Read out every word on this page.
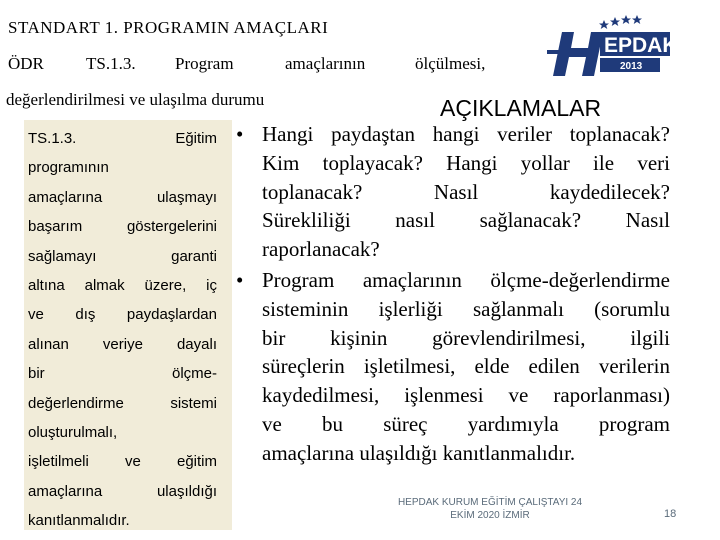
STANDART 1. PROGRAMIN AMAÇLARI
ÖDR TS.1.3. Program	amaçlarının	ölçülmesi,
değerlendirilmesi ve ulaşılma durumu
EPDAK
2013
AÇIKLAMALAR
TS.1.3. Eğitim
programının
amaçlarına ulaşmayı
başarım göstergelerini
sağlamayı garanti
altına almak üzere, iç
ve dış paydaşlardan
alınan veriye dayalı
bir ölçme-
değerlendirme sistemi
oluşturulmalı,
işletilmeli ve eğitim
amaçlarına ulaşıldığı
kanıtlanmalıdır.
• Hangi paydaştan hangi veriler toplanacak?
Kim toplayacak? Hangi yollar ile veri
toplanacak? Nasıl kaydedilecek?
Sürekliliği nasıl sağlanacak? Nasıl
raporlanacak?
• Program amaçlarının ölçme-değerlendirme
sisteminin işlerliği sağlanmalı (sorumlu
bir kişinin görevlendirilmesi, ilgili
süreçlerin işletilmesi, elde edilen verilerin
kaydedilmesi, işlenmesi ve raporlanması)
ve bu süreç yardımıyla program
amaçlarına ulaşıldığı kanıtlanmalıdır.
HEPDAK KURUM EĞİTİM ÇALIŞTAYI 24
EKİM 2020 İZMİR	18
